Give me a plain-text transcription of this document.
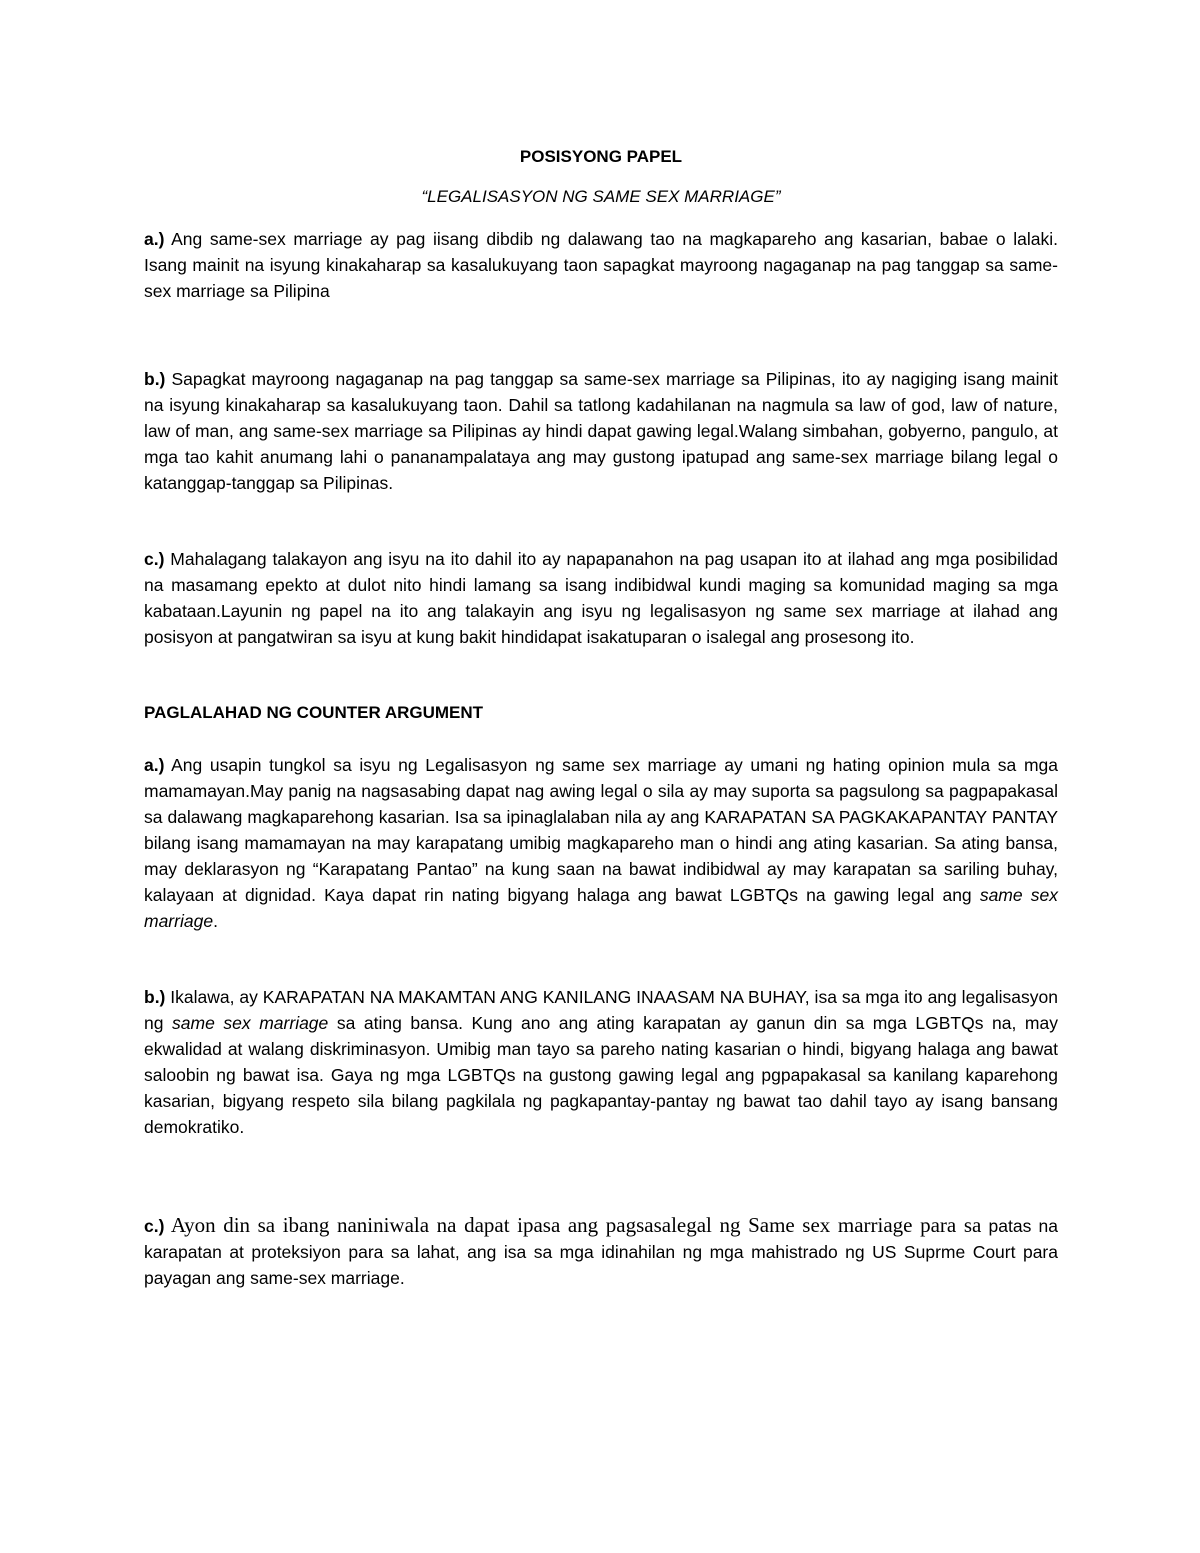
POSISYONG PAPEL

“LEGALISASYON NG SAME SEX MARRIAGE”

a.) Ang same-sex marriage ay pag iisang dibdib ng dalawang tao na magkapareho ang kasarian, babae o lalaki. Isang mainit na isyung kinakaharap sa kasalukuyang taon sapagkat mayroong nagaganap na pag tanggap sa same-sex marriage sa Pilipina

b.) Sapagkat mayroong nagaganap na pag tanggap sa same-sex marriage sa Pilipinas, ito ay nagiging isang mainit na isyung kinakaharap sa kasalukuyang taon. Dahil sa tatlong kadahilanan na nagmula sa law of god, law of nature, law of man, ang same-sex marriage sa Pilipinas ay hindi dapat gawing legal.Walang simbahan, gobyerno, pangulo, at mga tao kahit anumang lahi o pananampalataya ang may gustong ipatupad ang same-sex marriage bilang legal o katanggap-tanggap sa Pilipinas.

c.) Mahalagang talakayon ang isyu na ito dahil ito ay napapanahon na pag usapan ito at ilahad ang mga posibilidad na masamang epekto at dulot nito hindi lamang sa isang indibidwal kundi maging sa komunidad maging sa mga kabataan.Layunin ng papel na ito ang talakayin ang isyu ng legalisasyon ng same sex marriage at ilahad ang posisyon at pangatwiran sa isyu at kung bakit hindidapat isakatuparan o isalegal ang prosesong ito.

PAGLALAHAD NG COUNTER ARGUMENT

a.) Ang usapin tungkol sa isyu ng Legalisasyon ng same sex marriage ay umani ng hating opinion mula sa mga mamamayan.May panig na nagsasabing dapat nag awing legal o sila ay may suporta sa pagsulong sa pagpapakasal sa dalawang magkaparehong kasarian. Isa sa ipinaglalaban nila ay ang KARAPATAN SA PAGKAKAPANTAY PANTAY bilang isang mamamayan na may karapatang umibig magkapareho man o hindi ang ating kasarian. Sa ating bansa, may deklarasyon ng “Karapatang Pantao” na kung saan na bawat indibidwal ay may karapatan sa sariling buhay, kalayaan at dignidad. Kaya dapat rin nating bigyang halaga ang bawat LGBTQs na gawing legal ang same sex marriage.

b.) Ikalawa, ay KARAPATAN NA MAKAMTAN ANG KANILANG INAASAM NA BUHAY, isa sa mga ito ang legalisasyon ng same sex marriage sa ating bansa. Kung ano ang ating karapatan ay ganun din sa mga LGBTQs na, may ekwalidad at walang diskriminasyon. Umibig man tayo sa pareho nating kasarian o hindi, bigyang halaga ang bawat saloobin ng bawat isa. Gaya ng mga LGBTQs na gustong gawing legal ang pgpapakasal sa kanilang kaparehong kasarian, bigyang respeto sila bilang pagkilala ng pagkapantay-pantay ng bawat tao dahil tayo ay isang bansang demokratiko.

c.) Ayon din sa ibang naniniwala na dapat ipasa ang pagsasalegal ng Same sex marriage para sa patas na karapatan at proteksiyon para sa lahat, ang isa sa mga idinahilan ng mga mahistrado ng US Suprme Court para payagan ang same-sex marriage.
